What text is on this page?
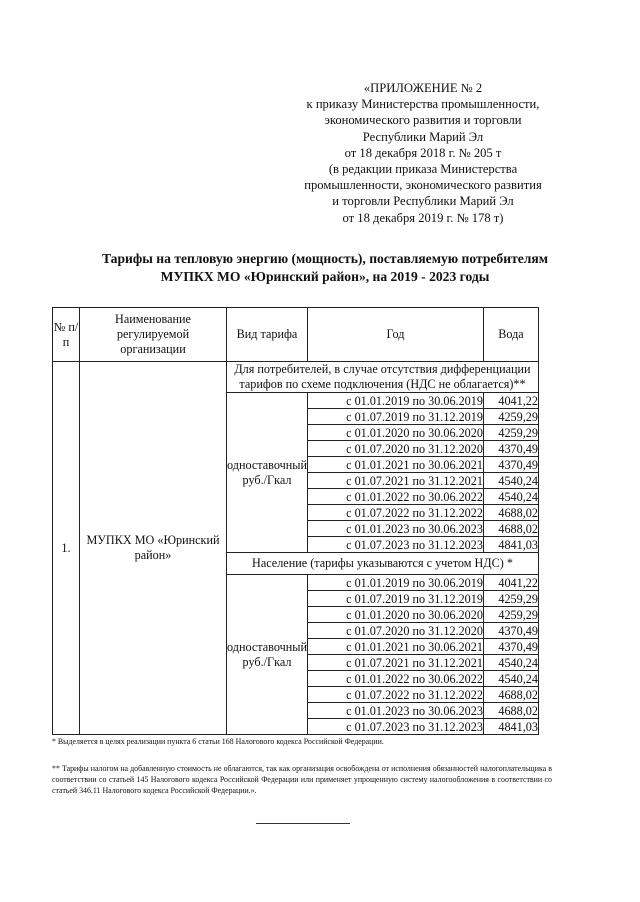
«ПРИЛОЖЕНИЕ № 2
к приказу Министерства промышленности,
экономического развития и торговли
Республики Марий Эл
от 18 декабря 2018 г. № 205 т
(в редакции приказа Министерства
промышленности, экономического развития
и торговли Республики Марий Эл
от 18 декабря 2019 г. № 178 т)
Тарифы на тепловую энергию (мощность), поставляемую потребителям
МУПКХ МО «Юринский район», на 2019 - 2023 годы
№ п/п	Наименование регулируемой организации	Вид тарифа	Год	Вода
1.	МУПКХ МО «Юринский район»	Для потребителей, в случае отсутствия дифференциации тарифов по схеме подключения (НДС не облагается)**		
		одноставочный руб./Гкал	с 01.01.2019 по 30.06.2019	4041,22
			с 01.07.2019 по 31.12.2019	4259,29
			с 01.01.2020 по 30.06.2020	4259,29
			с 01.07.2020 по 31.12.2020	4370,49
			с 01.01.2021 по 30.06.2021	4370,49
			с 01.07.2021 по 31.12.2021	4540,24
			с 01.01.2022 по 30.06.2022	4540,24
			с 01.07.2022 по 31.12.2022	4688,02
			с 01.01.2023 по 30.06.2023	4688,02
			с 01.07.2023 по 31.12.2023	4841,03
		Население (тарифы указываются с учетом НДС) *		
		одноставочный руб./Гкал	с 01.01.2019 по 30.06.2019	4041,22
			с 01.07.2019 по 31.12.2019	4259,29
			с 01.01.2020 по 30.06.2020	4259,29
			с 01.07.2020 по 31.12.2020	4370,49
			с 01.01.2021 по 30.06.2021	4370,49
			с 01.07.2021 по 31.12.2021	4540,24
			с 01.01.2022 по 30.06.2022	4540,24
			с 01.07.2022 по 31.12.2022	4688,02
			с 01.01.2023 по 30.06.2023	4688,02
			с 01.07.2023 по 31.12.2023	4841,03
* Выделяется в целях реализации пункта 6 статьи 168 Налогового кодекса Российской Федерации.
** Тарифы налогом на добавленную стоимость не облагаются, так как организация освобождена от исполнения обязанностей налогоплательщика в соответствии со статьей 145 Налогового кодекса Российской Федерации или применяет упрощенную систему налогообложения в соответствии со статьей 346.11 Налогового кодекса Российской Федерации.».
